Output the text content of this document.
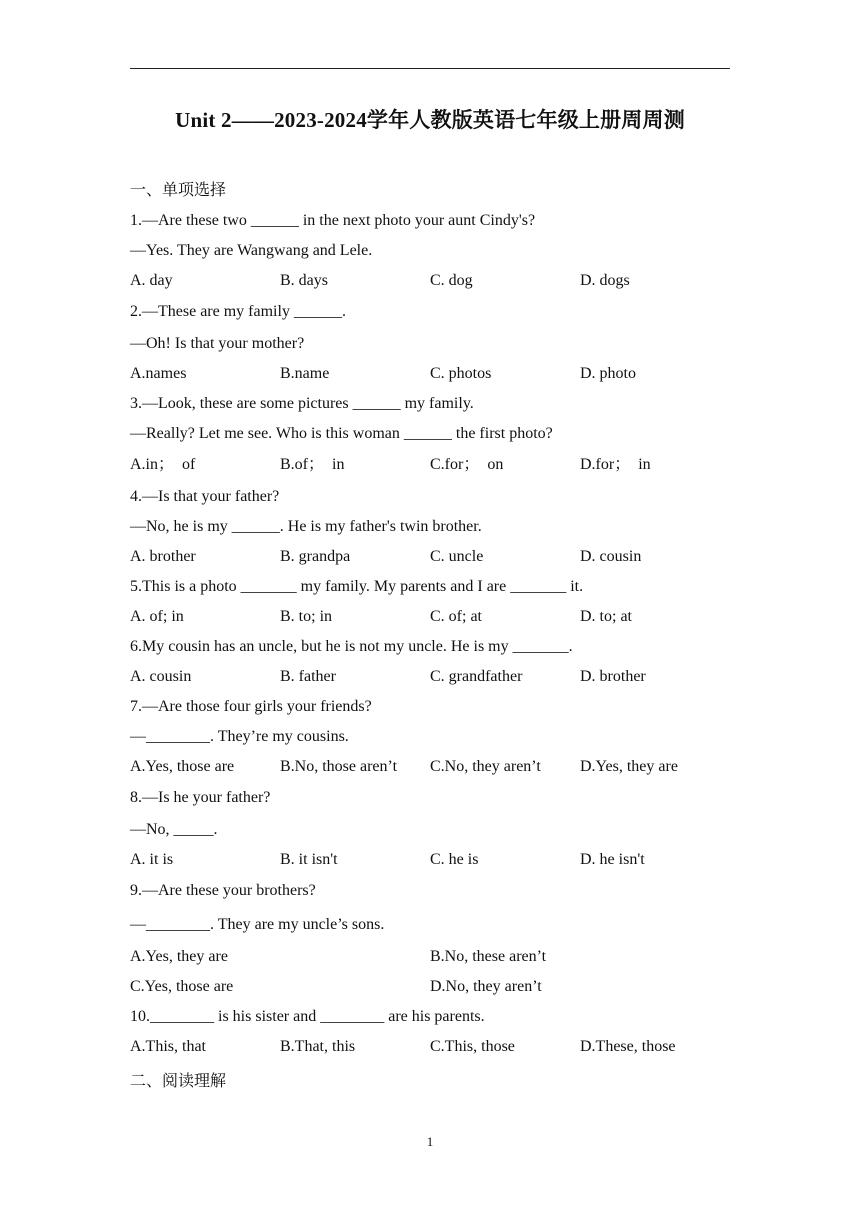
Unit 2——2023-2024学年人教版英语七年级上册周周测
一、单项选择
1.—Are these two ______ in the next photo your aunt Cindy's?
—Yes. They are Wangwang and Lele.
A. day	B. days	C. dog	D. dogs
2.—These are my family ______.
—Oh! Is that your mother?
A.names	B.name	C. photos	D. photo
3.—Look, these are some pictures ______ my family.
—Really? Let me see. Who is this woman ______ the first photo?
A.in；  of	B.of；  in	C.for；  on	D.for；  in
4.—Is that your father?
—No, he is my ______. He is my father's twin brother.
A. brother	B. grandpa	C. uncle	D. cousin
5.This is a photo _______ my family. My parents and I are _______ it.
A. of; in	B. to; in	C. of; at	D. to; at
6.My cousin has an uncle, but he is not my uncle. He is my _______.
A. cousin	B. father	C. grandfather	D. brother
7.—Are those four girls your friends?
—________. They’re my cousins.
A.Yes, those are	B.No, those aren’t C.No, they aren’t D.Yes, they are
8.—Is he your father?
—No, _____.
A. it is	B. it isn't	C. he is	D. he isn't
9.—Are these your brothers?
—________. They are my uncle’s sons.
A.Yes, they are	B.No, these aren’t
C.Yes, those are	D.No, they aren’t
10.________ is his sister and ________ are his parents.
A.This, that	B.That, this	C.This, those	D.These, those
二、阅读理解
1
